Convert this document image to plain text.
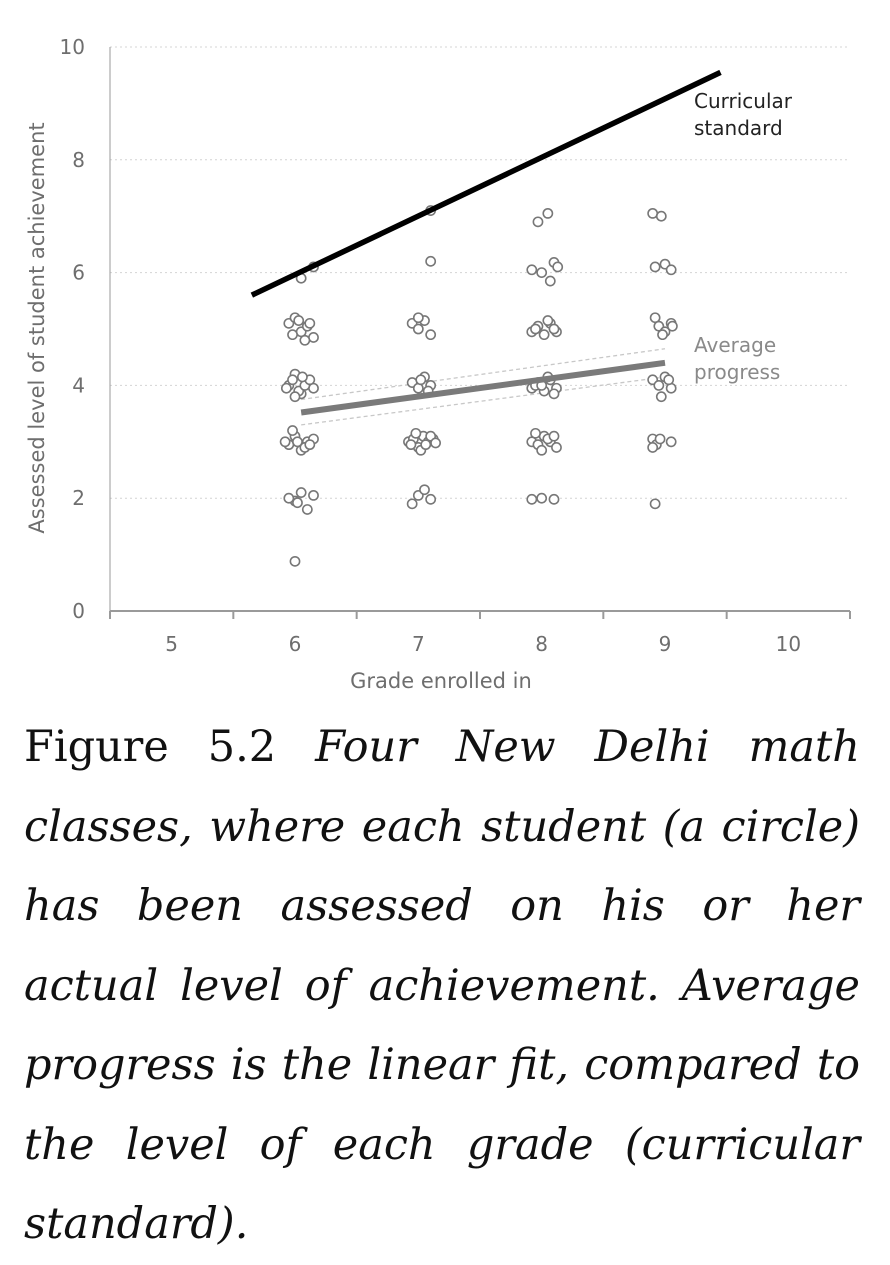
5	6	7	8	9	10
0
2
4
6
8
10
Assessed level of student achievement
Grade enrolled in
Curricular
standard
Average
progress

Figure 5.2 Four New Delhi math classes, where each student (a circle) has been assessed on his or her actual level of achievement. Average progress is the linear fit, compared to the level of each grade (curricular standard).
